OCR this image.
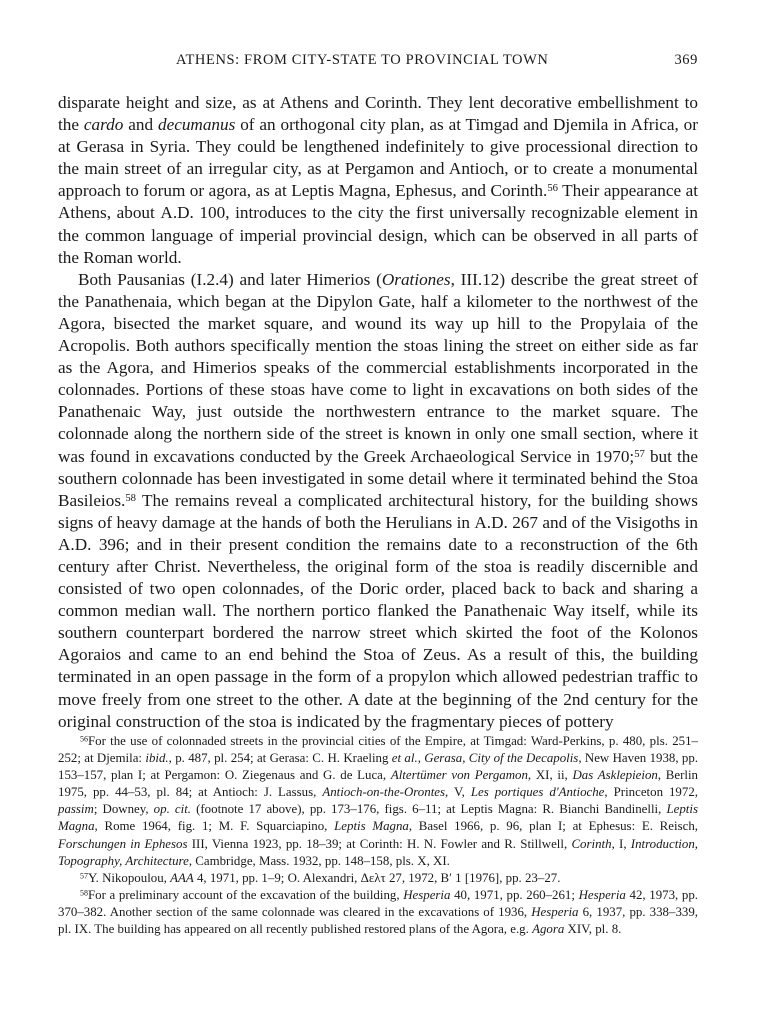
ATHENS: FROM CITY-STATE TO PROVINCIAL TOWN	369

disparate height and size, as at Athens and Corinth. They lent decorative embellishment to the cardo and decumanus of an orthogonal city plan, as at Timgad and Djemila in Africa, or at Gerasa in Syria. They could be lengthened indefinitely to give processional direction to the main street of an irregular city, as at Pergamon and Antioch, or to create a monumental approach to forum or agora, as at Leptis Magna, Ephesus, and Corinth.$^{56}$ Their appearance at Athens, about A.D. 100, introduces to the city the first universally recognizable element in the common language of imperial provincial design, which can be observed in all parts of the Roman world.

Both Pausanias (I.2.4) and later Himerios (Orationes, III.12) describe the great street of the Panathenaia, which began at the Dipylon Gate, half a kilometer to the northwest of the Agora, bisected the market square, and wound its way up hill to the Propylaia of the Acropolis. Both authors specifically mention the stoas lining the street on either side as far as the Agora, and Himerios speaks of the commercial establishments incorporated in the colonnades. Portions of these stoas have come to light in excavations on both sides of the Panathenaic Way, just outside the northwestern entrance to the market square. The colonnade along the northern side of the street is known in only one small section, where it was found in excavations conducted by the Greek Archaeological Service in 1970;$^{57}$ but the southern colonnade has been investigated in some detail where it terminated behind the Stoa Basileios.$^{58}$ The remains reveal a complicated architectural history, for the building shows signs of heavy damage at the hands of both the Herulians in A.D. 267 and of the Visigoths in A.D. 396; and in their present condition the remains date to a reconstruction of the 6th century after Christ. Nevertheless, the original form of the stoa is readily discernible and consisted of two open colonnades, of the Doric order, placed back to back and sharing a common median wall. The northern portico flanked the Panathenaic Way itself, while its southern counterpart bordered the narrow street which skirted the foot of the Kolonos Agoraios and came to an end behind the Stoa of Zeus. As a result of this, the building terminated in an open passage in the form of a propylon which allowed pedestrian traffic to move freely from one street to the other. A date at the beginning of the 2nd century for the original construction of the stoa is indicated by the fragmentary pieces of pottery

$^{56}$For the use of colonnaded streets in the provincial cities of the Empire, at Timgad: Ward-Perkins, p. 480, pls. 251–252; at Djemila: ibid., p. 487, pl. 254; at Gerasa: C. H. Kraeling et al., Gerasa, City of the Decapolis, New Haven 1938, pp. 153–157, plan I; at Pergamon: O. Ziegenaus and G. de Luca, Altertümer von Pergamon, XI, ii, Das Asklepieion, Berlin 1975, pp. 44–53, pl. 84; at Antioch: J. Lassus, Antioch-on-the-Orontes, V, Les portiques d'Antioche, Princeton 1972, passim; Downey, op. cit. (footnote 17 above), pp. 173–176, figs. 6–11; at Leptis Magna: R. Bianchi Bandinelli, Leptis Magna, Rome 1964, fig. 1; M. F. Squarciapino, Leptis Magna, Basel 1966, p. 96, plan I; at Ephesus: E. Reisch, Forschungen in Ephesos III, Vienna 1923, pp. 18–39; at Corinth: H. N. Fowler and R. Stillwell, Corinth, I, Introduction, Topography, Architecture, Cambridge, Mass. 1932, pp. 148–158, pls. X, XI.

$^{57}$Y. Nikopoulou, AAA 4, 1971, pp. 1–9; O. Alexandri, Δελτ 27, 1972, Β′ 1 [1976], pp. 23–27.

$^{58}$For a preliminary account of the excavation of the building, Hesperia 40, 1971, pp. 260–261; Hesperia 42, 1973, pp. 370–382. Another section of the same colonnade was cleared in the excavations of 1936, Hesperia 6, 1937, pp. 338–339, pl. IX. The building has appeared on all recently published restored plans of the Agora, e.g. Agora XIV, pl. 8.
